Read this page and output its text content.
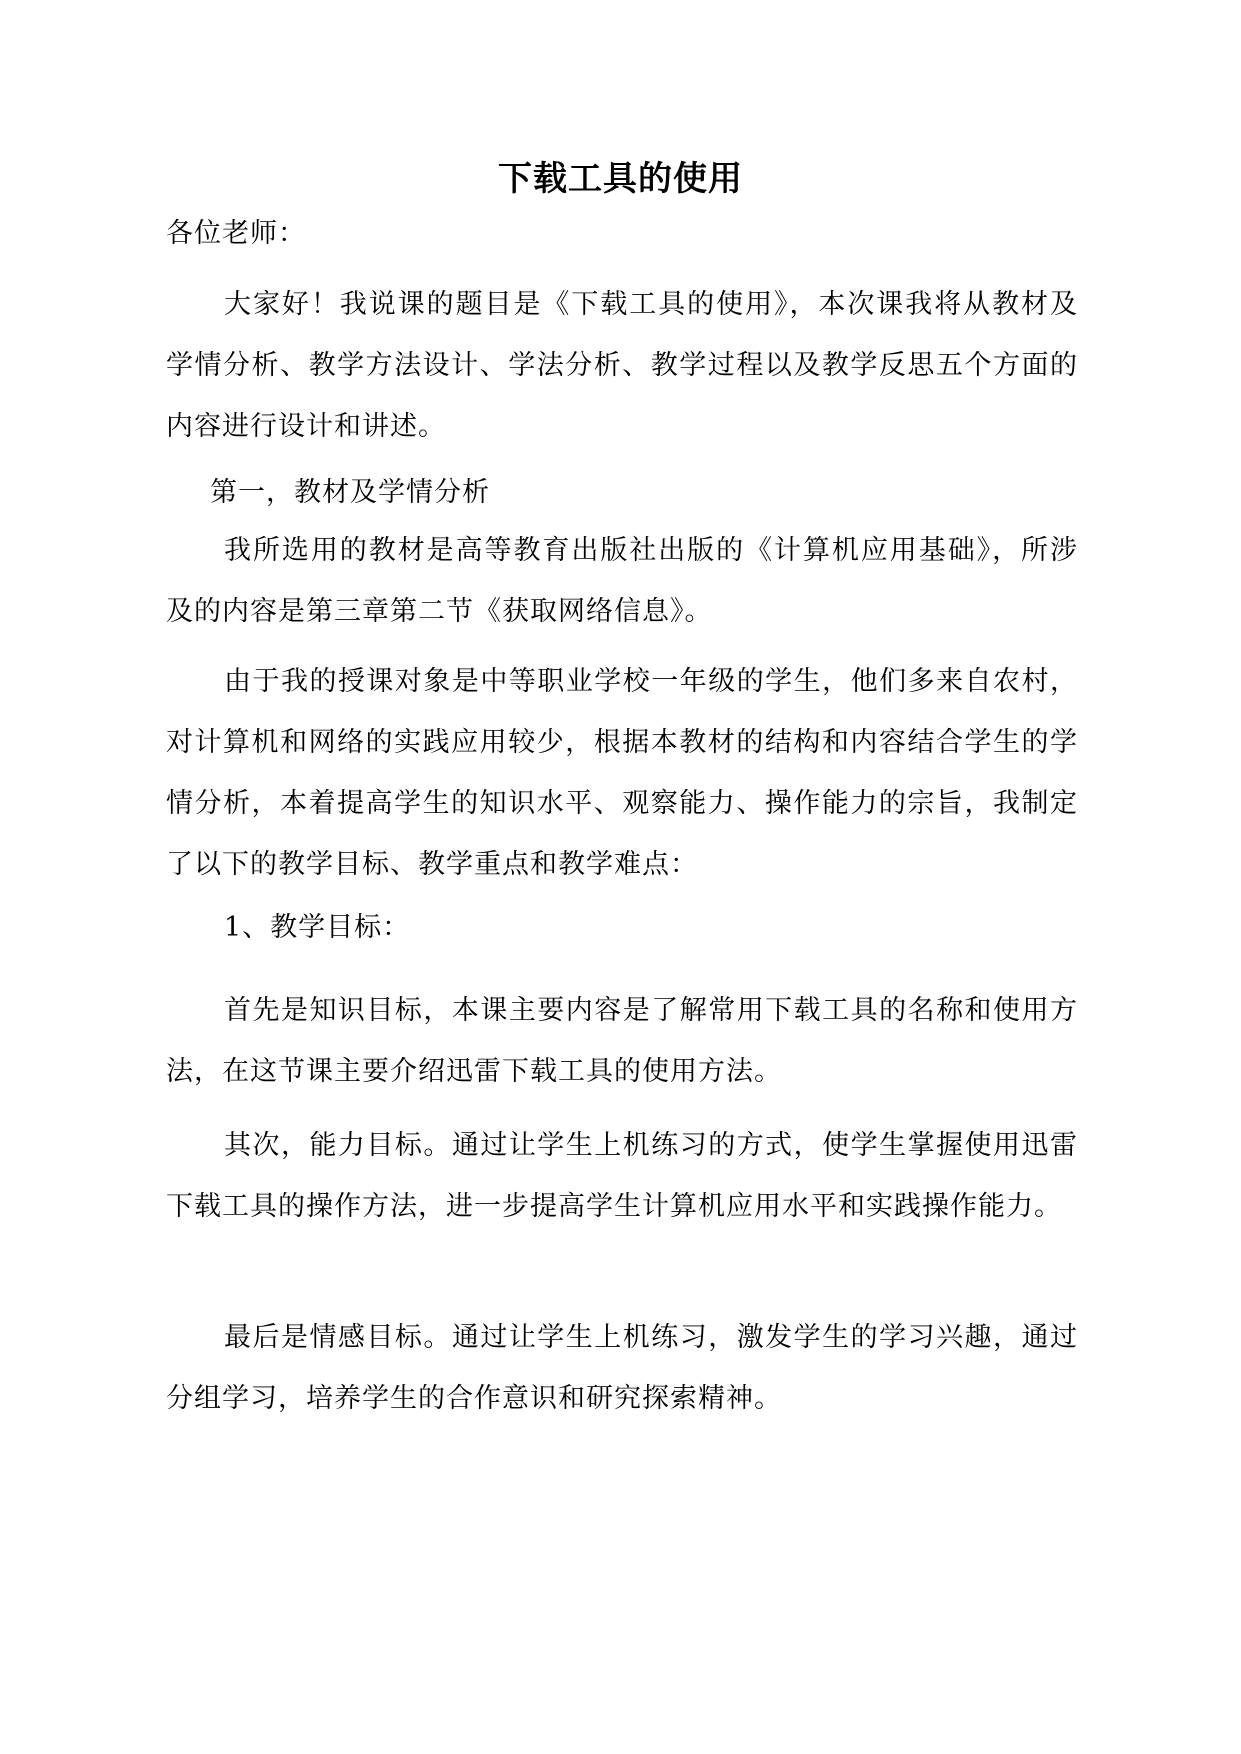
下载工具的使用
各位老师：
大家好！我说课的题目是《下载工具的使用》，本次课我将从教材及学情分析、教学方法设计、学法分析、教学过程以及教学反思五个方面的内容进行设计和讲述。
第一，教材及学情分析
我所选用的教材是高等教育出版社出版的《计算机应用基础》，所涉及的内容是第三章第二节《获取网络信息》。
由于我的授课对象是中等职业学校一年级的学生，他们多来自农村，对计算机和网络的实践应用较少，根据本教材的结构和内容结合学生的学情分析，本着提高学生的知识水平、观察能力、操作能力的宗旨，我制定了以下的教学目标、教学重点和教学难点：
1、教学目标：
首先是知识目标，本课主要内容是了解常用下载工具的名称和使用方法，在这节课主要介绍迅雷下载工具的使用方法。
其次，能力目标。通过让学生上机练习的方式，使学生掌握使用迅雷下载工具的操作方法，进一步提高学生计算机应用水平和实践操作能力。
最后是情感目标。通过让学生上机练习，激发学生的学习兴趣，通过分组学习，培养学生的合作意识和研究探索精神。
